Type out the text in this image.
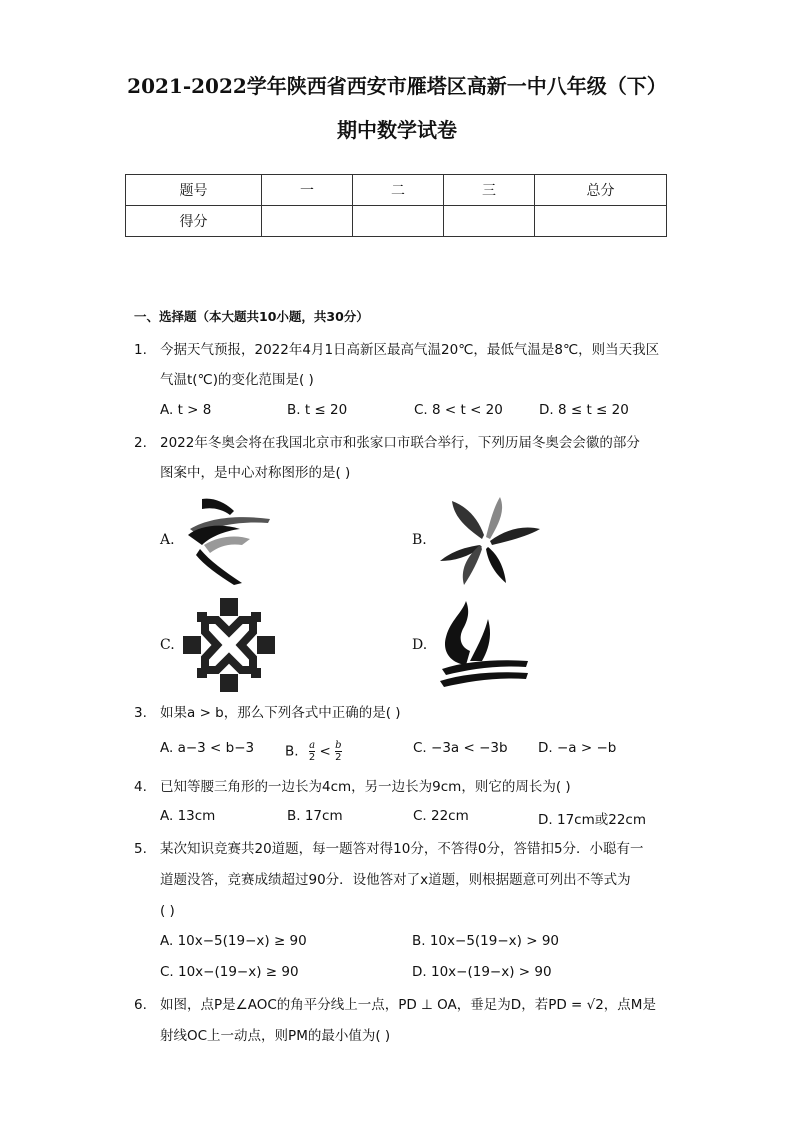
2021-2022学年陕西省西安市雁塔区高新一中八年级（下）
期中数学试卷
题号	一	二	三	总分
得分				
一、选择题（本大题共10小题，共30分）
1. 今据天气预报，2022年4月1日高新区最高气温20℃，最低气温是8℃，则当天我区
气温t(℃)的变化范围是( )
A. t > 8	B. t ≤ 20	C. 8 < t < 20	D. 8 ≤ t ≤ 20
2. 2022年冬奥会将在我国北京市和张家口市联合举行，下列历届冬奥会会徽的部分
图案中，是中心对称图形的是( )
A.	B.
C.	D.
3. 如果a > b，那么下列各式中正确的是( )
A. a−3 < b−3 B. $\frac{a}{2} < \frac{b}{2}$	C. −3a < −3b D. −a > −b
4. 已知等腰三角形的一边长为4cm，另一边长为9cm，则它的周长为( )
A. 13cm	B. 17cm	C. 22cm	D. 17cm或22cm
5. 某次知识竞赛共20道题，每一题答对得10分，不答得0分，答错扣5分．小聪有一
道题没答，竞赛成绩超过90分．设他答对了x道题，则根据题意可列出不等式为
( )
A. 10x−5(19−x) ≥ 90	B. 10x−5(19−x) > 90
C. 10x−(19−x) ≥ 90	D. 10x−(19−x) > 90
6. 如图，点P是∠AOC的角平分线上一点，PD ⊥ OA，垂足为D，若PD = √2，点M是
射线OC上一动点，则PM的最小值为( )
